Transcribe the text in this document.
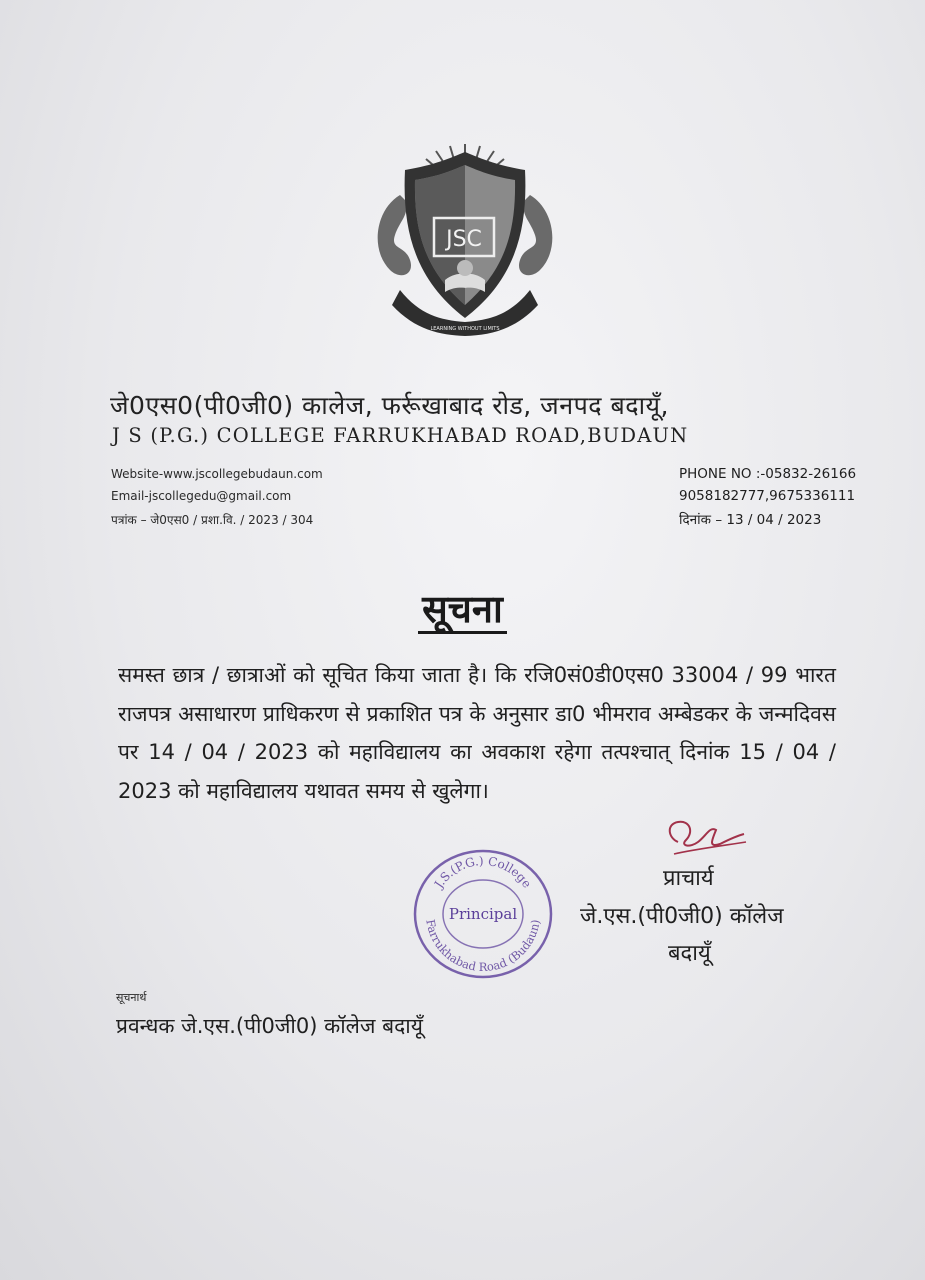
JSC
LEARNING WITHOUT LIMITS
जे0एस0(पी0जी0) कालेज, फर्रूखाबाद रोड, जनपद बदायूँ,
J S (P.G.) COLLEGE FARRUKHABAD ROAD,BUDAUN
Website-www.jscollegebudaun.com
Email-jscollegedu@gmail.com
पत्रांक – जे0एस0 / प्रशा.वि. / 2023 / 304
PHONE NO :-05832-26166
9058182777,9675336111
दिनांक – 13 / 04 / 2023
सूचना
समस्त छात्र / छात्राओं को सूचित किया जाता है। कि रजि0सं0डी0एस0 33004 / 99 भारत राजपत्र असाधारण प्राधिकरण से प्रकाशित पत्र के अनुसार डा0 भीमराव अम्बेडकर के जन्मदिवस पर 14 / 04 / 2023 को महाविद्यालय का अवकाश रहेगा तत्पश्चात् दिनांक 15 / 04 / 2023 को महाविद्यालय यथावत समय से खुलेगा।
J.S.(P.G.) College
Farrukhabad Road (Budaun)
Principal
प्राचार्य
जे.एस.(पी0जी0) कॉलेज
बदायूँ
सूचनार्थ
प्रवन्धक जे.एस.(पी0जी0) कॉलेज बदायूँ
